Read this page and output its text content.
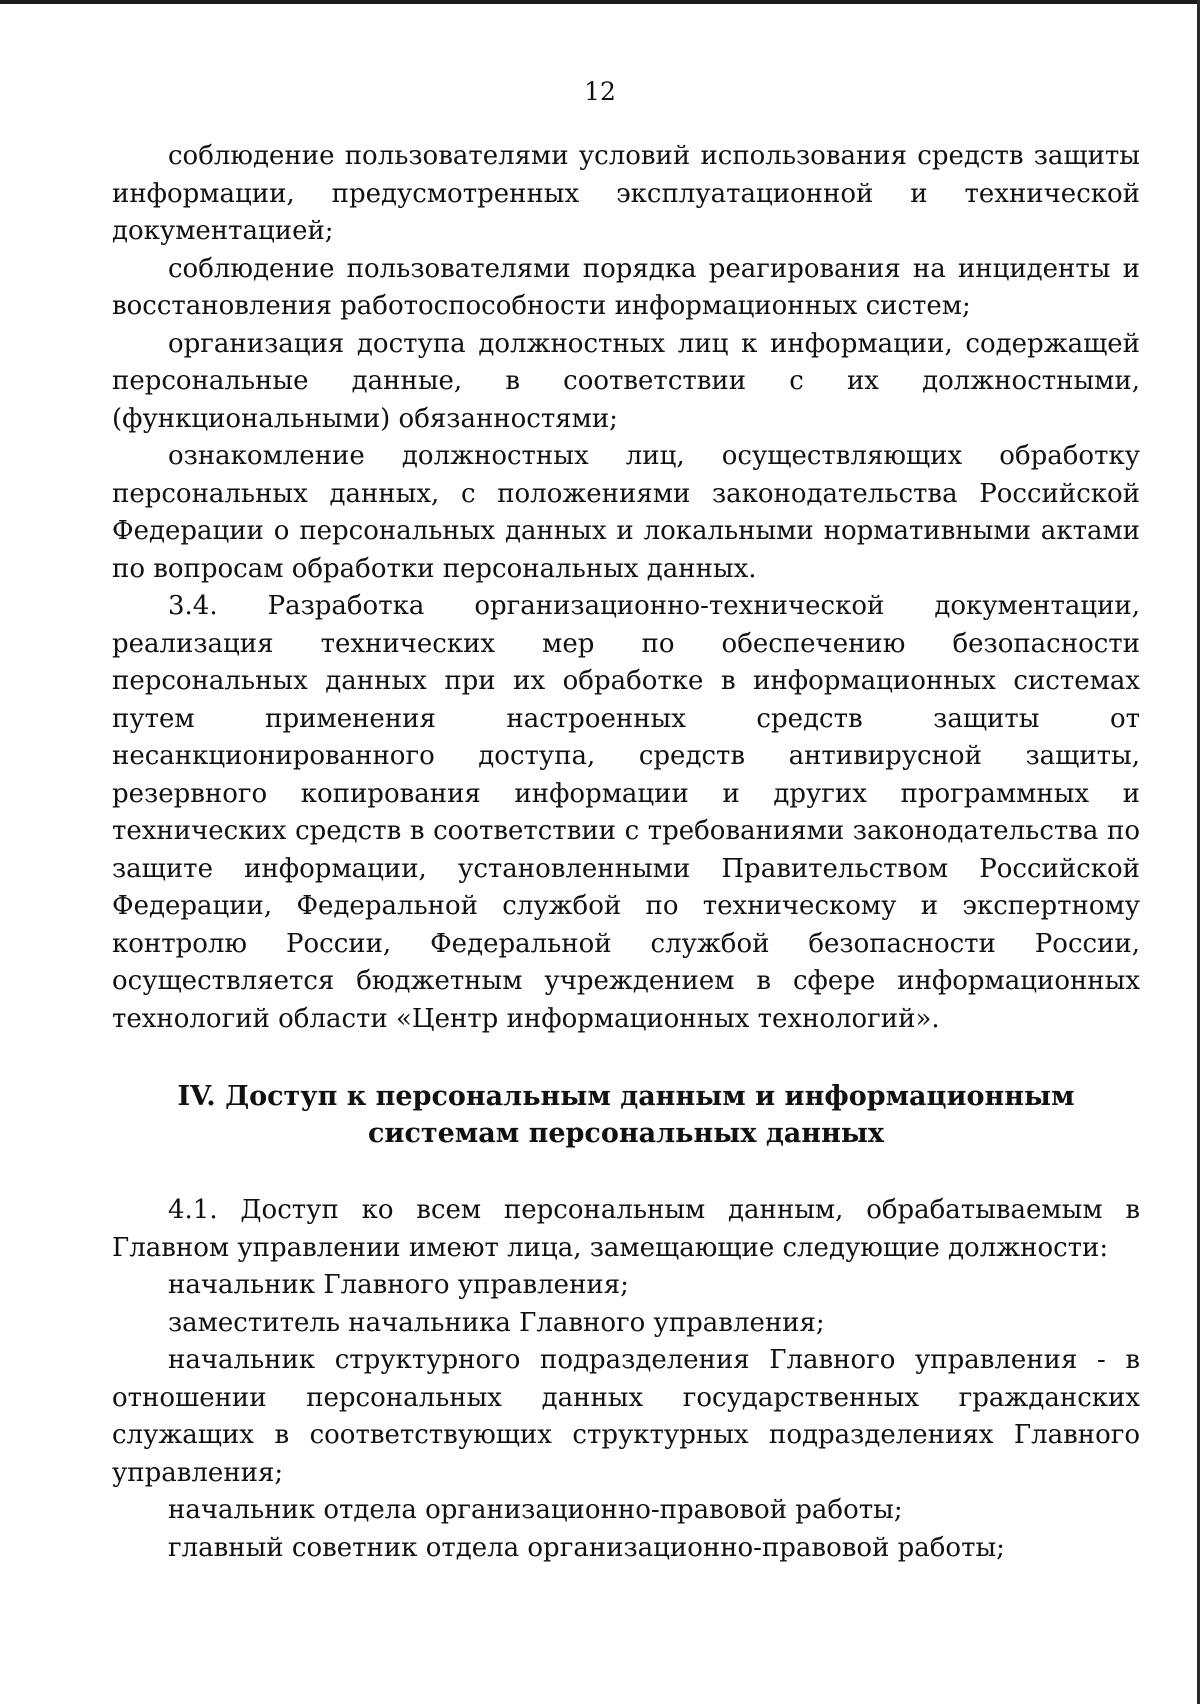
12

соблюдение пользователями условий использования средств защиты информации, предусмотренных эксплуатационной и технической документацией;

соблюдение пользователями порядка реагирования на инциденты и восстановления работоспособности информационных систем;

организация доступа должностных лиц к информации, содержащей персональные данные, в соответствии с их должностными, (функциональными) обязанностями;

ознакомление должностных лиц, осуществляющих обработку персональных данных, с положениями законодательства Российской Федерации о персональных данных и локальными нормативными актами по вопросам обработки персональных данных.

3.4. Разработка организационно-технической документации, реализация технических мер по обеспечению безопасности персональных данных при их обработке в информационных системах путем применения настроенных средств защиты от несанкционированного доступа, средств антивирусной защиты, резервного копирования информации и других программных и технических средств в соответствии с требованиями законодательства по защите информации, установленными Правительством Российской Федерации, Федеральной службой по техническому и экспертному контролю России, Федеральной службой безопасности России, осуществляется бюджетным учреждением в сфере информационных технологий области «Центр информационных технологий».

IV. Доступ к персональным данным и информационным
системам персональных данных

4.1. Доступ ко всем персональным данным, обрабатываемым в Главном управлении имеют лица, замещающие следующие должности:

начальник Главного управления;

заместитель начальника Главного управления;

начальник структурного подразделения Главного управления - в отношении персональных данных государственных гражданских служащих в соответствующих структурных подразделениях Главного управления;

начальник отдела организационно-правовой работы;

главный советник отдела организационно-правовой работы;
